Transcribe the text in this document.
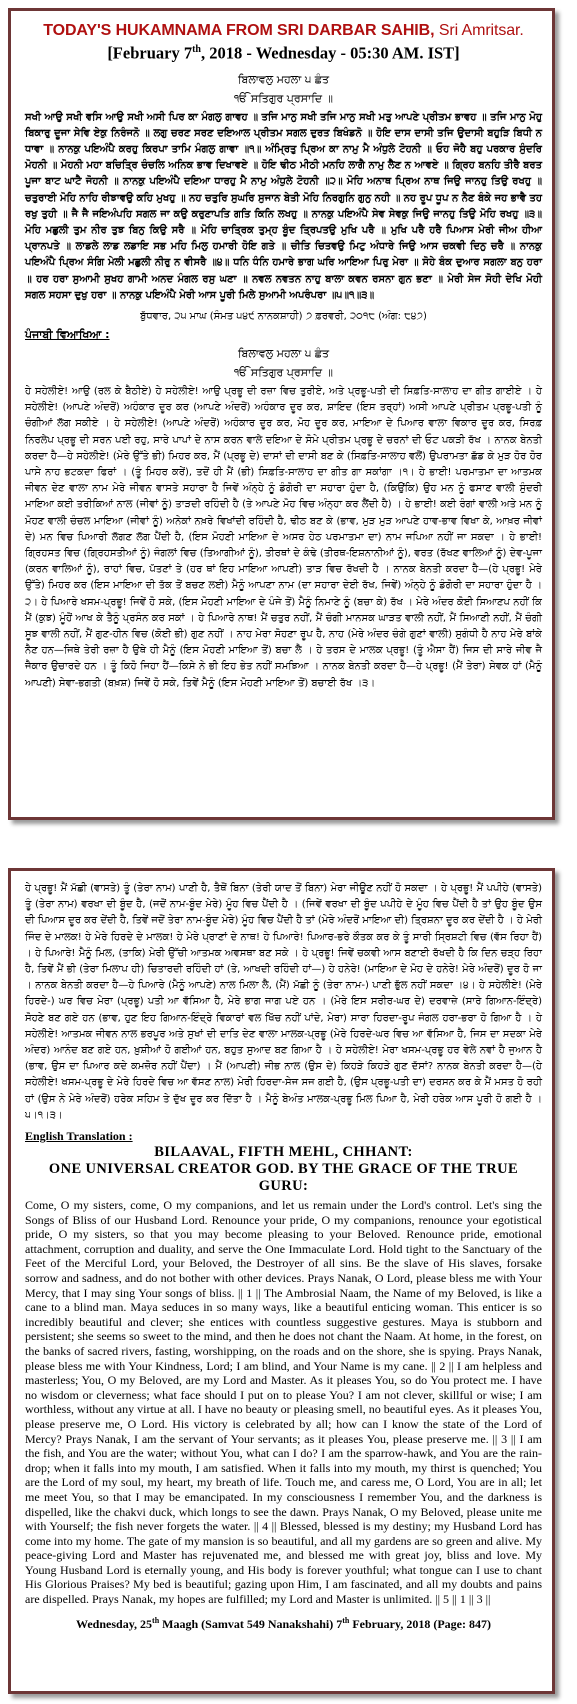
TODAY'S HUKAMNAMA FROM SRI DARBAR SAHIB, Sri Amritsar.
[February 7th, 2018 - Wednesday - 05:30 AM. IST]
ਬਿਲਾਵਲੁ ਮਹਲਾ ੫ ਛੰਤ
ੴ ਸਤਿਗੁਰ ਪ੍ਰਸਾਦਿ ॥
ਸਖੀ ਆਉ ਸਖੀ ਵਸਿ ਆਉ ਸਖੀ ਅਸੀ ਪਿਰ ਕਾ ਮੰਗਲੁ ਗਾਵਹ ॥ ਤਜਿ ਮਾਨੁ ਸਖੀ ਤਜਿ ਮਾਨੁ ਸਖੀ ਮਤੁ ਆਪਣੇ ਪ੍ਰੀਤਮ ਭਾਵਹ ॥ ਤਜਿ ਮਾਨੁ ਮੋਹੁ ਬਿਕਾਰੁ ਦੂਜਾ ਸੇਵਿ ਏਕੁ ਨਿਰੰਜਨੋ ॥ ਲਗੁ ਚਰਣ ਸਰਣ ਦਇਆਲ ਪ੍ਰੀਤਮ ਸਗਲ ਦੁਰਤ ਬਿਖੰਡਨੋ ॥ ਹੋਇ ਦਾਸ ਦਾਸੀ ਤਜਿ ਉਦਾਸੀ ਬਹੁੜਿ ਬਿਧੀ ਨ ਧਾਵਾ ॥ ਨਾਨਕੁ ਪਇਅੰਪੈ ਕਰਹੁ ਕਿਰਪਾ ਤਾਮਿ ਮੰਗਲੁ ਗਾਵਾ ॥੧॥ ਅੰਮ੍ਰਿਤੁ ਪ੍ਰਿਅ ਕਾ ਨਾਮੁ ਮੈ ਅੰਧੁਲੇ ਟੋਹਨੀ ॥ ਓਹ ਜੋਹੈ ਬਹੁ ਪਰਕਾਰ ਸੁੰਦਰਿ ਮੋਹਨੀ ॥ ਮੋਹਨੀ ਮਹਾ ਬਚਿਤ੍ਰਿ ਚੰਚਲਿ ਅਨਿਕ ਭਾਵ ਦਿਖਾਵਏ ॥ ਹੋਇ ਢੀਠ ਮੀਠੀ ਮਨਹਿ ਲਾਗੈ ਨਾਮੁ ਲੈਣ ਨ ਆਵਏ ॥ ਗ੍ਰਿਹ ਬਨਹਿ ਤੀਰੈ ਬਰਤ ਪੂਜਾ ਬਾਟ ਘਾਟੈ ਜੋਹਨੀ ॥ ਨਾਨਕੁ ਪਇਅੰਪੈ ਦਇਆ ਧਾਰਹੁ ਮੈ ਨਾਮੁ ਅੰਧੁਲੇ ਟੋਹਨੀ ॥੨॥ ਮੋਹਿ ਅਨਾਥ ਪ੍ਰਿਅ ਨਾਥ ਜਿਉ ਜਾਨਹੁ ਤਿਉ ਰਖਹੁ ॥ ਚਤੁਰਾਈ ਮੋਹਿ ਨਾਹਿ ਰੀਝਾਵਉ ਕਹਿ ਮੁਖਹੁ ॥ ਨਹ ਚਤੁਰਿ ਸੁਘਰਿ ਸੁਜਾਨ ਬੇਤੀ ਮੋਹਿ ਨਿਰਗੁਨਿ ਗੁਨੁ ਨਹੀ ॥ ਨਹ ਰੂਪ ਧੂਪ ਨ ਨੈਣ ਬੰਕੇ ਜਹ ਭਾਵੈ ਤਹ ਰਖੁ ਤੁਹੀ ॥ ਜੈ ਜੈ ਜਇਅੰਪਹਿ ਸਗਲ ਜਾ ਕਉ ਕਰੁਣਾਪਤਿ ਗਤਿ ਕਿਨਿ ਲਖਹੁ ॥ ਨਾਨਕੁ ਪਇਅੰਪੈ ਸੇਵ ਸੇਵਕੁ ਜਿਉ ਜਾਨਹੁ ਤਿਉ ਮੋਹਿ ਰਖਹੁ ॥੩॥ ਮੋਹਿ ਮਛੁਲੀ ਤੁਮ ਨੀਰ ਤੁਝ ਬਿਨੁ ਕਿਉ ਸਰੈ ॥ ਮੋਹਿ ਚਾਤ੍ਰਿਕ ਤੁਮ੍ਹ ਬੂੰਦ ਤ੍ਰਿਪਤਉ ਮੁਖਿ ਪਰੈ ॥ ਮੁਖਿ ਪਰੈ ਹਰੈ ਪਿਆਸ ਮੇਰੀ ਜੀਅ ਹੀਆ ਪ੍ਰਾਨਪਤੇ ॥ ਲਾਡਲੇ ਲਾਡ ਲਡਾਇ ਸਭ ਮਹਿ ਮਿਲੁ ਹਮਾਰੀ ਹੋਇ ਗਤੇ ॥ ਚੀਤਿ ਚਿਤਵਉ ਮਿਟੁ ਅੰਧਾਰੇ ਜਿਉ ਆਸ ਚਕਵੀ ਦਿਨੁ ਚਰੈ ॥ ਨਾਨਕੁ ਪਇਅੰਪੈ ਪ੍ਰਿਅ ਸੰਗਿ ਮੇਲੀ ਮਛੁਲੀ ਨੀਰੁ ਨ ਵੀਸਰੈ ॥੪॥ ਧਨਿ ਧੰਨਿ ਹਮਾਰੇ ਭਾਗ ਘਰਿ ਆਇਆ ਪਿਰੁ ਮੇਰਾ ॥ ਸੋਹੇ ਬੰਕ ਦੁਆਰ ਸਗਲਾ ਬਨੁ ਹਰਾ ॥ ਹਰ ਹਰਾ ਸੁਆਮੀ ਸੁਖਹ ਗਾਮੀ ਅਨਦ ਮੰਗਲ ਰਸੁ ਘਣਾ ॥ ਨਵਲ ਨਵਤਨ ਨਾਹੁ ਬਾਲਾ ਕਵਨ ਰਸਨਾ ਗੁਨ ਭਣਾ ॥ ਮੇਰੀ ਸੇਜ ਸੋਹੀ ਦੇਖਿ ਮੋਹੀ ਸਗਲ ਸਹਸਾ ਦੁਖੁ ਹਰਾ ॥ ਨਾਨਕੁ ਪਇਅੰਪੈ ਮੇਰੀ ਆਸ ਪੂਰੀ ਮਿਲੇ ਸੁਆਮੀ ਅਪਰੰਪਰਾ ॥੫॥੧॥੩॥
ਬੁੱਧਵਾਰ, ੨੫ ਮਾਘ (ਸੰਮਤ ੫੪੯ ਨਾਨਕਸ਼ਾਹੀ) ੭ ਫ਼ਰਵਰੀ, ੨੦੧੮ (ਅੰਗ: ੮੪੭)
ਪੰਜਾਬੀ ਵਿਆਖਿਆ :
ਬਿਲਾਵਲੁ ਮਹਲਾ ੫ ਛੰਤ
ੴ ਸਤਿਗੁਰ ਪ੍ਰਸਾਦਿ ॥
ਹੇ ਸਹੇਲੀਏ! ਆਉ (ਰਲ ਕੇ ਬੈਠੀਏ) ਹੇ ਸਹੇਲੀਏ! ਆਉ ਪ੍ਰਭੂ ਦੀ ਰਜ਼ਾ ਵਿਚ ਤੁਰੀਏ, ਅਤੇ ਪ੍ਰਭੂ-ਪਤੀ ਦੀ ਸਿਫ਼ਤਿ-ਸਾਲਾਹ ਦਾ ਗੀਤ ਗਾਈਏ । ਹੇ ਸਹੇਲੀਏ! (ਆਪਣੇ ਅੰਦਰੋਂ) ਅਹੰਕਾਰ ਦੂਰ ਕਰ (ਆਪਣੇ ਅੰਦਰੋਂ) ਅਹੰਕਾਰ ਦੂਰ ਕਰ, ਸ਼ਾਇਦ (ਇਸ ਤਰ੍ਹਾਂ) ਅਸੀ ਆਪਣੇ ਪ੍ਰੀਤਮ ਪ੍ਰਭੂ-ਪਤੀ ਨੂੰ ਚੰਗੀਆਂ ਲੱਗ ਸਕੀਏ । ਹੇ ਸਹੇਲੀਏ! (ਆਪਣੇ ਅੰਦਰੋਂ) ਅਹੰਕਾਰ ਦੂਰ ਕਰ, ਮੋਹ ਦੂਰ ਕਰ, ਮਾਇਆ ਦੇ ਪਿਆਰ ਵਾਲਾ ਵਿਕਾਰ ਦੂਰ ਕਰ, ਸਿਰਫ਼ ਨਿਰਲੇਪ ਪ੍ਰਭੂ ਦੀ ਸਰਨ ਪਈ ਰਹੁ, ਸਾਰੇ ਪਾਪਾਂ ਦੇ ਨਾਸ ਕਰਨ ਵਾਲੇ ਦਇਆ ਦੇ ਸੋਮੇ ਪ੍ਰੀਤਮ ਪ੍ਰਭੂ ਦੇ ਚਰਨਾਂ ਦੀ ਓਟ ਪਕੜੀ ਰੱਖ । ਨਾਨਕ ਬੇਨਤੀ ਕਰਦਾ ਹੈ—ਹੇ ਸਹੇਲੀਏ! (ਮੇਰੇ ਉੱਤੇ ਭੀ) ਮਿਹਰ ਕਰ, ਮੈਂ (ਪ੍ਰਭੂ ਦੇ) ਦਾਸਾਂ ਦੀ ਦਾਸੀ ਬਣ ਕੇ (ਸਿਫ਼ਤਿ-ਸਾਲਾਹ ਵਲੋਂ) ਉਪਰਾਮਤਾ ਛੱਡ ਕੇ ਮੁੜ ਹੋਰ ਹੋਰ ਪਾਸੇ ਨਾਹ ਭਟਕਦਾ ਫਿਰਾਂ । (ਤੂੰ ਮਿਹਰ ਕਰੇਂ), ਤਦੋਂ ਹੀ ਮੈਂ (ਭੀ) ਸਿਫ਼ਤਿ-ਸਾਲਾਹ ਦਾ ਗੀਤ ਗਾ ਸਕਾਂਗਾ ।੧। ਹੇ ਭਾਈ! ਪਰਮਾਤਮਾ ਦਾ ਆਤਮਕ ਜੀਵਨ ਦੇਣ ਵਾਲਾ ਨਾਮ ਮੇਰੇ ਜੀਵਨ ਵਾਸਤੇ ਸਹਾਰਾ ਹੈ ਜਿਵੇਂ ਅੰਨ੍ਹੇ ਨੂੰ ਡੰਗੋਰੀ ਦਾ ਸਹਾਰਾ ਹੁੰਦਾ ਹੈ, (ਕਿਉਂਕਿ) ਉਹ ਮਨ ਨੂੰ ਫਸਾਣ ਵਾਲੀ ਸੁੰਦਰੀ ਮਾਇਆ ਕਈ ਤਰੀਕਿਆਂ ਨਾਲ (ਜੀਵਾਂ ਨੂੰ) ਤਾੜਦੀ ਰਹਿੰਦੀ ਹੈ (ਤੇ ਆਪਣੇ ਮੋਹ ਵਿਚ ਅੰਨ੍ਹਾ ਕਰ ਲੈਂਦੀ ਹੈ) । ਹੇ ਭਾਈ! ਕਈ ਰੰਗਾਂ ਵਾਲੀ ਅਤੇ ਮਨ ਨੂੰ ਮੋਹਣ ਵਾਲੀ ਚੰਚਲ ਮਾਇਆ (ਜੀਵਾਂ ਨੂੰ) ਅਨੇਕਾਂ ਨਖ਼ਰੇ ਵਿਖਾਂਦੀ ਰਹਿੰਦੀ ਹੈ, ਢੀਠ ਬਣ ਕੇ (ਭਾਵ, ਮੁੜ ਮੁੜ ਆਪਣੇ ਹਾਵ-ਭਾਵ ਵਿਖਾ ਕੇ, ਆਖ਼ਰ ਜੀਵਾਂ ਦੇ) ਮਨ ਵਿਚ ਪਿਆਰੀ ਲੱਗਣ ਲੱਗ ਪੈਂਦੀ ਹੈ, (ਇਸ ਮੋਹਣੀ ਮਾਇਆ ਦੇ ਅਸਰ ਹੇਠ ਪਰਮਾਤਮਾ ਦਾ) ਨਾਮ ਜਪਿਆ ਨਹੀਂ ਜਾ ਸਕਦਾ । ਹੇ ਭਾਈ! ਗ੍ਰਿਹਸਤ ਵਿਚ (ਗ੍ਰਿਹਸਤੀਆਂ ਨੂੰ) ਜੰਗਲਾਂ ਵਿਚ (ਤਿਆਗੀਆਂ ਨੂੰ), ਤੀਰਥਾਂ ਦੇ ਕੰਢੇ (ਤੀਰਥ-ਇਸ਼ਨਾਨੀਆਂ ਨੂੰ), ਵਰਤ (ਰੱਖਣ ਵਾਲਿਆਂ ਨੂੰ) ਦੇਵ-ਪੂਜਾ (ਕਰਨ ਵਾਲਿਆਂ ਨੂੰ), ਰਾਹਾਂ ਵਿਚ, ਪੱਤਣਾਂ ਤੇ (ਹਰ ਥਾਂ ਇਹ ਮਾਇਆ ਆਪਣੀ) ਤਾੜ ਵਿਚ ਰੱਖਦੀ ਹੈ । ਨਾਨਕ ਬੇਨਤੀ ਕਰਦਾ ਹੈ—(ਹੇ ਪ੍ਰਭੂ! ਮੇਰੇ ਉੱਤੇ) ਮਿਹਰ ਕਰ (ਇਸ ਮਾਇਆ ਦੀ ਤੱਕ ਤੋਂ ਬਚਣ ਲਈ) ਮੈਨੂੰ ਆਪਣਾ ਨਾਮ (ਦਾ ਸਹਾਰਾ ਦੇਈ ਰੱਖ, ਜਿਵੇਂ) ਅੰਨ੍ਹੇ ਨੂੰ ਡੰਗੋਰੀ ਦਾ ਸਹਾਰਾ ਹੁੰਦਾ ਹੈ ।੨। ਹੇ ਪਿਆਰੇ ਖਸਮ-ਪ੍ਰਭੂ! ਜਿਵੇਂ ਹੋ ਸਕੇ, (ਇਸ ਮੋਹਣੀ ਮਾਇਆ ਦੇ ਪੰਜੇ ਤੋਂ) ਮੈਨੂੰ ਨਿਮਾਣੇ ਨੂੰ (ਬਚਾ ਕੇ) ਰੱਖ । ਮੇਰੇ ਅੰਦਰ ਕੋਈ ਸਿਆਣਪ ਨਹੀਂ ਕਿ ਮੈਂ (ਕੁਝ) ਮੂੰਹੋਂ ਆਖ ਕੇ ਤੈਨੂੰ ਪ੍ਰਸੰਨ ਕਰ ਸਕਾਂ । ਹੇ ਪਿਆਰੇ ਨਾਥ! ਮੈਂ ਚਤੁਰ ਨਹੀਂ, ਮੈਂ ਚੰਗੀ ਮਾਨਸਕ ਘਾੜਤ ਵਾਲੀ ਨਹੀਂ, ਮੈਂ ਸਿਆਣੀ ਨਹੀਂ, ਮੈਂ ਚੰਗੀ ਸੂਝ ਵਾਲੀ ਨਹੀਂ, ਮੈਂ ਗੁਣ-ਹੀਨ ਵਿਚ (ਕੋਈ ਭੀ) ਗੁਣ ਨਹੀਂ । ਨਾਹ ਮੇਰਾ ਸੋਹਣਾ ਰੂਪ ਹੈ, ਨਾਹ (ਮੇਰੇ ਅੰਦਰ ਚੰਗੇ ਗੁਣਾਂ ਵਾਲੀ) ਸੁਗੰਧੀ ਹੈ ਨਾਹ ਮੇਰੇ ਬਾਂਕੇ ਨੈਣ ਹਨ—ਜਿਥੇ ਤੇਰੀ ਰਜ਼ਾ ਹੈ ਉਥੇ ਹੀ ਮੈਨੂੰ (ਇਸ ਮੋਹਣੀ ਮਾਇਆ ਤੋਂ) ਬਚਾ ਲੈ । ਹੇ ਤਰਸ ਦੇ ਮਾਲਕ ਪ੍ਰਭੂ! (ਤੂੰ ਐਸਾ ਹੈਂ) ਜਿਸ ਦੀ ਸਾਰੇ ਜੀਵ ਜੈ ਜੈਕਾਰ ਉਚਾਰਦੇ ਹਨ । ਤੂੰ ਕਿਹੋ ਜਿਹਾ ਹੈਂ—ਕਿਸੇ ਨੇ ਭੀ ਇਹ ਭੇਤ ਨਹੀਂ ਸਮਝਿਆ । ਨਾਨਕ ਬੇਨਤੀ ਕਰਦਾ ਹੈ—ਹੇ ਪ੍ਰਭੂ! (ਮੈਂ ਤੇਰਾ) ਸੇਵਕ ਹਾਂ (ਮੈਨੂੰ ਆਪਣੀ) ਸੇਵਾ-ਭਗਤੀ (ਬਖ਼ਸ਼) ਜਿਵੇਂ ਹੋ ਸਕੇ, ਤਿਵੇਂ ਮੈਨੂੰ (ਇਸ ਮੋਹਣੀ ਮਾਇਆ ਤੋਂ) ਬਚਾਈ ਰੱਖ ।੩।
ਹੇ ਪ੍ਰਭੂ! ਮੈਂ ਮੱਛੀ (ਵਾਸਤੇ) ਤੂੰ (ਤੇਰਾ ਨਾਮ) ਪਾਣੀ ਹੈ, ਤੈਥੋਂ ਬਿਨਾ (ਤੇਰੀ ਯਾਦ ਤੋਂ ਬਿਨਾ) ਮੇਰਾ ਜੀਊਣ ਨਹੀਂ ਹੋ ਸਕਦਾ । ਹੇ ਪ੍ਰਭੂ! ਮੈਂ ਪਪੀਹੇ (ਵਾਸਤੇ) ਤੂੰ (ਤੇਰਾ ਨਾਮ) ਵਰਖਾ ਦੀ ਬੂੰਦ ਹੈ, (ਜਦੋਂ ਨਾਮ-ਬੂੰਦ ਮੇਰੇ) ਮੂੰਹ ਵਿਚ ਪੈਂਦੀ ਹੈ । (ਜਿਵੇਂ ਵਰਖਾ ਦੀ ਬੂੰਦ ਪਪੀਹੇ ਦੇ ਮੂੰਹ ਵਿਚ ਪੈਂਦੀ ਹੈ ਤਾਂ ਉਹ ਬੂੰਦ ਉਸ ਦੀ ਪਿਆਸ ਦੂਰ ਕਰ ਦੇਂਦੀ ਹੈ, ਤਿਵੇਂ ਜਦੋਂ ਤੇਰਾ ਨਾਮ-ਬੂੰਦ ਮੇਰੇ) ਮੂੰਹ ਵਿਚ ਪੈਂਦੀ ਹੈ ਤਾਂ (ਮੇਰੇ ਅੰਦਰੋਂ ਮਾਇਆ ਦੀ) ਤ੍ਰਿਸ਼ਨਾ ਦੂਰ ਕਰ ਦੇਂਦੀ ਹੈ । ਹੇ ਮੇਰੀ ਜਿੰਦ ਦੇ ਮਾਲਕ! ਹੇ ਮੇਰੇ ਹਿਰਦੇ ਦੇ ਮਾਲਕ! ਹੇ ਮੇਰੇ ਪ੍ਰਾਣਾਂ ਦੇ ਨਾਥ! ਹੇ ਪਿਆਰੇ! ਪਿਆਰ-ਭਰੇ ਕੌਤਕ ਕਰ ਕੇ ਤੂੰ ਸਾਰੀ ਸ੍ਰਿਸ਼ਟੀ ਵਿਚ (ਵੱਸ ਰਿਹਾ ਹੈਂ) । ਹੇ ਪਿਆਰੇ! ਮੈਨੂੰ ਮਿਲ, (ਤਾਕਿ) ਮੇਰੀ ਉੱਚੀ ਆਤਮਕ ਅਵਸਥਾ ਬਣ ਸਕੇ । ਹੇ ਪ੍ਰਭੂ! ਜਿਵੇਂ ਚਕਵੀ ਆਸ ਬਣਾਈ ਰੱਖਦੀ ਹੈ ਕਿ ਦਿਨ ਚੜ੍ਹ ਰਿਹਾ ਹੈ, ਤਿਵੇਂ ਮੈਂ ਭੀ (ਤੇਰਾ ਮਿਲਾਪ ਹੀ) ਚਿਤਾਰਦੀ ਰਹਿੰਦੀ ਹਾਂ (ਤੇ, ਆਖਦੀ ਰਹਿੰਦੀ ਹਾਂ—) ਹੇ ਹਨੇਰੇ! (ਮਾਇਆ ਦੇ ਮੋਹ ਦੇ ਹਨੇਰੇ! ਮੇਰੇ ਅੰਦਰੋਂ) ਦੂਰ ਹੋ ਜਾ । ਨਾਨਕ ਬੇਨਤੀ ਕਰਦਾ ਹੈ—ਹੇ ਪਿਆਰੇ (ਮੈਨੂੰ ਆਪਣੇ) ਨਾਲ ਮਿਲਾ ਲੈ, (ਮੈਂ) ਮੱਛੀ ਨੂੰ (ਤੇਰਾ ਨਾਮ-) ਪਾਣੀ ਭੁੱਲ ਨਹੀਂ ਸਕਦਾ ।੪। ਹੇ ਸਹੇਲੀਏ! (ਮੇਰੇ ਹਿਰਦੇ-) ਘਰ ਵਿਚ ਮੇਰਾ (ਪ੍ਰਭੂ) ਪਤੀ ਆ ਵੱਸਿਆ ਹੈ, ਮੇਰੇ ਭਾਗ ਜਾਗ ਪਏ ਹਨ । (ਮੇਰੇ ਇਸ ਸਰੀਰ-ਘਰ ਦੇ) ਦਰਵਾਜ਼ੇ (ਸਾਰੇ ਗਿਆਨ-ਇੰਦ੍ਰੇ) ਸੋਹਣੇ ਬਣ ਗਏ ਹਨ (ਭਾਵ, ਹੁਣ ਇਹ ਗਿਆਨ-ਇੰਦ੍ਰੇ ਵਿਕਾਰਾਂ ਵਲ ਖਿੱਚ ਨਹੀਂ ਪਾਂਦੇ, ਮੇਰਾ) ਸਾਰਾ ਹਿਰਦਾ-ਰੂਪ ਜੰਗਲ ਹਰਾ-ਭਰਾ ਹੋ ਗਿਆ ਹੈ । ਹੇ ਸਹੇਲੀਏ! ਆਤਮਕ ਜੀਵਨ ਨਾਲ ਭਰਪੂਰ ਅਤੇ ਸੁਖਾਂ ਦੀ ਦਾਤਿ ਦੇਣ ਵਾਲਾ ਮਾਲਕ-ਪ੍ਰਭੂ (ਮੇਰੇ ਹਿਰਦੇ-ਘਰ ਵਿਚ ਆ ਵੱਸਿਆ ਹੈ, ਜਿਸ ਦਾ ਸਦਕਾ ਮੇਰੇ ਅੰਦਰ) ਆਨੰਦ ਬਣ ਗਏ ਹਨ, ਖ਼ੁਸ਼ੀਆਂ ਹੋ ਗਈਆਂ ਹਨ, ਬਹੁਤ ਸੁਆਦ ਬਣ ਗਿਆ ਹੈ । ਹੇ ਸਹੇਲੀਏ! ਮੇਰਾ ਖਸਮ-ਪ੍ਰਭੂ ਹਰ ਵੇਲੇ ਨਵਾਂ ਹੈ ਜੁਆਨ ਹੈ (ਭਾਵ, ਉਸ ਦਾ ਪਿਆਰ ਕਦੇ ਕਮਜ਼ੋਰ ਨਹੀਂ ਪੈਂਦਾ) । ਮੈਂ (ਆਪਣੀ) ਜੀਭ ਨਾਲ (ਉਸ ਦੇ) ਕਿਹੜੇ ਕਿਹੜੇ ਗੁਣ ਦੱਸਾਂ? ਨਾਨਕ ਬੇਨਤੀ ਕਰਦਾ ਹੈ—(ਹੇ ਸਹੇਲੀਏ! ਖਸਮ-ਪ੍ਰਭੂ ਦੇ ਮੇਰੇ ਹਿਰਦੇ ਵਿਚ ਆ ਵੱਸਣ ਨਾਲ) ਮੇਰੀ ਹਿਰਦਾ-ਸੇਜ ਸਜ ਗਈ ਹੈ, (ਉਸ ਪ੍ਰਭੂ-ਪਤੀ ਦਾ) ਦਰਸਨ ਕਰ ਕੇ ਮੈਂ ਮਸਤ ਹੋ ਰਹੀ ਹਾਂ (ਉਸ ਨੇ ਮੇਰੇ ਅੰਦਰੋਂ) ਹਰੇਕ ਸਹਿਮ ਤੇ ਦੁੱਖ ਦੂਰ ਕਰ ਦਿੱਤਾ ਹੈ । ਮੈਨੂੰ ਬੇਅੰਤ ਮਾਲਕ-ਪ੍ਰਭੂ ਮਿਲ ਪਿਆ ਹੈ, ਮੇਰੀ ਹਰੇਕ ਆਸ ਪੂਰੀ ਹੋ ਗਈ ਹੈ ।੫।੧।੩।
English Translation :
BILAAVAL, FIFTH MEHL, CHHANT:
ONE UNIVERSAL CREATOR GOD. BY THE GRACE OF THE TRUE GURU:
Come, O my sisters, come, O my companions, and let us remain under the Lord's control. Let's sing the Songs of Bliss of our Husband Lord. Renounce your pride, O my companions, renounce your egotistical pride, O my sisters, so that you may become pleasing to your Beloved. Renounce pride, emotional attachment, corruption and duality, and serve the One Immaculate Lord. Hold tight to the Sanctuary of the Feet of the Merciful Lord, your Beloved, the Destroyer of all sins. Be the slave of His slaves, forsake sorrow and sadness, and do not bother with other devices. Prays Nanak, O Lord, please bless me with Your Mercy, that I may sing Your songs of bliss. || 1 || The Ambrosial Naam, the Name of my Beloved, is like a cane to a blind man. Maya seduces in so many ways, like a beautiful enticing woman. This enticer is so incredibly beautiful and clever; she entices with countless suggestive gestures. Maya is stubborn and persistent; she seems so sweet to the mind, and then he does not chant the Naam. At home, in the forest, on the banks of sacred rivers, fasting, worshipping, on the roads and on the shore, she is spying. Prays Nanak, please bless me with Your Kindness, Lord; I am blind, and Your Name is my cane. || 2 || I am helpless and masterless; You, O my Beloved, are my Lord and Master. As it pleases You, so do You protect me. I have no wisdom or cleverness; what face should I put on to please You? I am not clever, skillful or wise; I am worthless, without any virtue at all. I have no beauty or pleasing smell, no beautiful eyes. As it pleases You, please preserve me, O Lord. His victory is celebrated by all; how can I know the state of the Lord of Mercy? Prays Nanak, I am the servant of Your servants; as it pleases You, please preserve me. || 3 || I am the fish, and You are the water; without You, what can I do? I am the sparrow-hawk, and You are the rain-drop; when it falls into my mouth, I am satisfied. When it falls into my mouth, my thirst is quenched; You are the Lord of my soul, my heart, my breath of life. Touch me, and caress me, O Lord, You are in all; let me meet You, so that I may be emancipated. In my consciousness I remember You, and the darkness is dispelled, like the chakvi duck, which longs to see the dawn. Prays Nanak, O my Beloved, please unite me with Yourself; the fish never forgets the water. || 4 || Blessed, blessed is my destiny; my Husband Lord has come into my home. The gate of my mansion is so beautiful, and all my gardens are so green and alive. My peace-giving Lord and Master has rejuvenated me, and blessed me with great joy, bliss and love. My Young Husband Lord is eternally young, and His body is forever youthful; what tongue can I use to chant His Glorious Praises? My bed is beautiful; gazing upon Him, I am fascinated, and all my doubts and pains are dispelled. Prays Nanak, my hopes are fulfilled; my Lord and Master is unlimited. || 5 || 1 || 3 ||
Wednesday, 25th Maagh (Samvat 549 Nanakshahi) 7th February, 2018 (Page: 847)
